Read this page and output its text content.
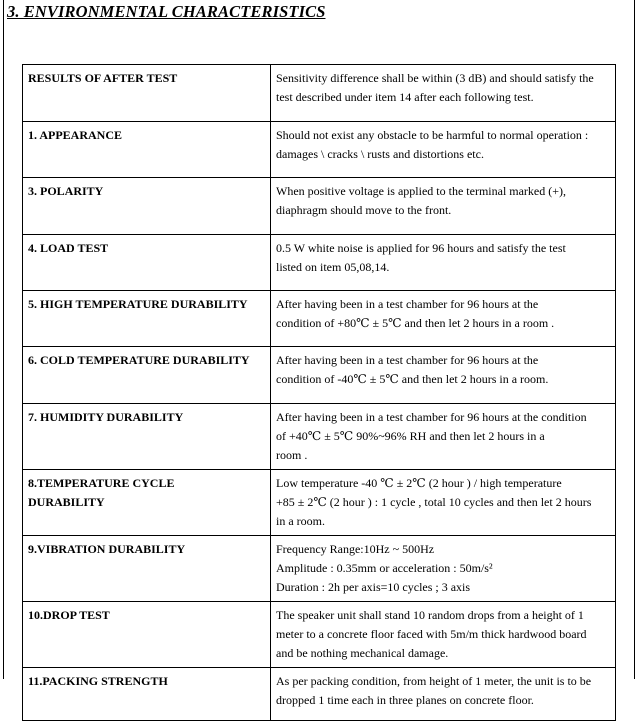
3. ENVIRONMENTAL CHARACTERISTICS
RESULTS OF AFTER TEST	Sensitivity difference shall be within (3 dB) and should satisfy the
test described under item 14 after each following test.

1. APPEARANCE	Should not exist any obstacle to be harmful to normal operation :
damages \ cracks \ rusts and distortions etc.

3. POLARITY	When positive voltage is applied to the terminal marked (+),
diaphragm should move to the front.

4. LOAD TEST	0.5 W white noise is applied for 96 hours and satisfy the test
listed on item 05,08,14.

5. HIGH TEMPERATURE DURABILITY	After having been in a test chamber for 96 hours at the
condition of +80℃ ± 5℃ and then let 2 hours in a room .

6. COLD TEMPERATURE DURABILITY	After having been in a test chamber for 96 hours at the
condition of -40℃ ± 5℃ and then let 2 hours in a room.

7. HUMIDITY DURABILITY	After having been in a test chamber for 96 hours at the condition
of +40℃ ± 5℃ 90%~96% RH and then let 2 hours in a
room .

8.TEMPERATURE CYCLE
DURABILITY	Low temperature -40 ℃ ± 2℃ (2 hour ) / high temperature
+85 ± 2℃ (2 hour ) : 1 cycle , total 10 cycles and then let 2 hours
in a room.

9.VIBRATION DURABILITY	Frequency Range:10Hz ~ 500Hz
Amplitude : 0.35mm or acceleration : 50m/s²
Duration : 2h per axis=10 cycles ; 3 axis

10.DROP TEST	The speaker unit shall stand 10 random drops from a height of 1
meter to a concrete floor faced with 5m/m thick hardwood board
and be nothing mechanical damage.

11.PACKING STRENGTH	As per packing condition, from height of 1 meter, the unit is to be
dropped 1 time each in three planes on concrete floor.
